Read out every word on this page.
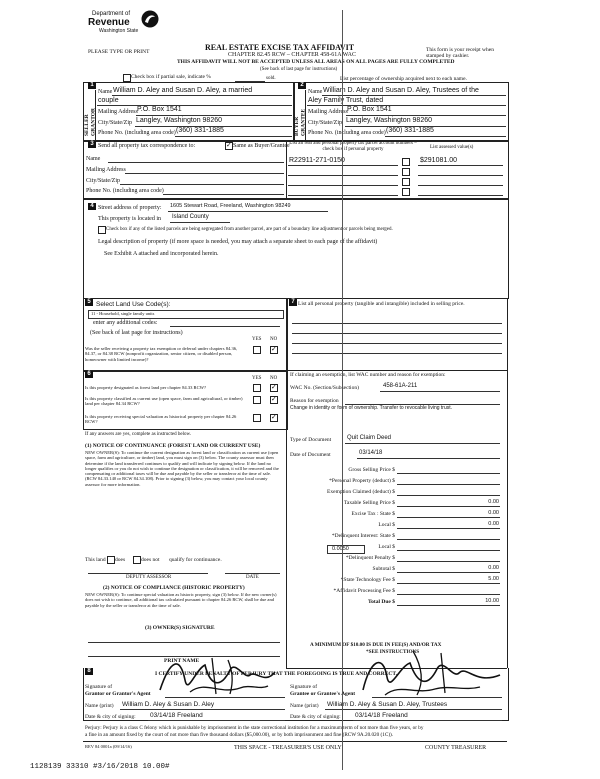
Department of
Revenue
Washington State
PLEASE TYPE OR PRINT	REAL ESTATE EXCISE TAX AFFIDAVIT
CHAPTER 82.45 RCW – CHAPTER 458-61A WAC
THIS AFFIDAVIT WILL NOT BE ACCEPTED UNLESS ALL AREAS ON ALL PAGES ARE FULLY COMPLETED
(See back of last page for instructions)
This form is your receipt when stamped by cashier.
Check box if partial sale, indicate %	sold.	List percentage of ownership acquired next to each name.
1
SELLER GRANTOR
Name William D. Aley and Susan D. Aley, a married
couple
Mailing Address P.O. Box 1541
City/State/Zip Langley, Washington 98260
Phone No. (including area code) (360) 331-1885
2
BUYER GRANTEE
Name William D. Aley and Susan D. Aley, Trustees of the
Aley Family Trust, dated
Mailing Address P.O. Box 1541
City/State/Zip Langley, Washington 98260
Phone No. (including area code) (360) 331-1885
3 Send all property tax correspondence to:
✓	Same as Buyer/Grantee List all real and personal property tax parcel account numbers – check box if personal property	List assessed value(s)
Name
Mailing Address
City/State/Zip
Phone No. (including area code)
R22911-271-0150	$291081.00
4 Street address of property: 1605 Stewart Road, Freeland, Washington 98249
This property is located in Island County
Check box if any of the listed parcels are being segregated from another parcel, are part of a boundary line adjustment or parcels being merged.
Legal description of property (if more space is needed, you may attach a separate sheet to each page of the affidavit)
See Exhibit A attached and incorporated herein.
5 Select Land Use Code(s):
11 - Household, single family units
enter any additional codes:
(See back of last page for instructions)
YES NO
Was the seller receiving a property tax exemption or deferral under chapters 84.36, 84.37, or 84.38 RCW (nonprofit organization, senior citizen, or disabled person, homeowner with limited income)?
✓
6
YES NO
Is this property designated as forest land per chapter 84.33 RCW?
✓
Is this property classified as current use (open space, farm and agricultural, or timber) land per chapter 84.34 RCW?
✓
Is this property receiving special valuation as historical property per chapter 84.26 RCW?
✓
If any answers are yes, complete as instructed below.
(1) NOTICE OF CONTINUANCE (FOREST LAND OR CURRENT USE)
NEW OWNER(S): To continue the current designation as forest land or classification as current use (open space, farm and agriculture, or timber) land, you must sign on (3) below. The county assessor must then determine if the land transferred continues to qualify and will indicate by signing below. If the land no longer qualifies or you do not wish to continue the designation or classification, it will be removed and the compensating or additional taxes will be due and payable by the seller or transferor at the time of sale. (RCW 84.33.140 or RCW 84.34.108). Prior to signing (3) below, you may contact your local county assessor for more information.
This land does	does not qualify for continuance.
DEPUTY ASSESSOR	DATE
(2) NOTICE OF COMPLIANCE (HISTORIC PROPERTY)
NEW OWNER(S): To continue special valuation as historic property, sign (3) below. If the new owner(s) does not wish to continue, all additional tax calculated pursuant to chapter 84.26 RCW, shall be due and payable by the seller or transferor at the time of sale.
(3) OWNER(S) SIGNATURE
PRINT NAME
7 List all personal property (tangible and intangible) included in selling price.
If claiming an exemption, list WAC number and reason for exemption:
WAC No. (Section/Subsection)	458-61A-211
Reason for exemption
Change in identity or form of ownership. Transfer to revocable living trust.
Type of Document	Quit Claim Deed
Date of Document	03/14/18
Gross Selling Price $
*Personal Property (deduct) $
Exemption Claimed (deduct) $
Taxable Selling Price $	0.00
Excise Tax : State $	0.00
Local $	0.00
*Delinquent Interest: State $
Local $
*Delinquent Penalty $
Subtotal $	0.00
*State Technology Fee $	5.00
*Affidavit Processing Fee $
Total Due $	10.00
0.0050
A MINIMUM OF $10.00 IS DUE IN FEE(S) AND/OR TAX
*SEE INSTRUCTIONS
8	I CERTIFY UNDER PENALTY OF PERJURY THAT THE FOREGOING IS TRUE AND CORRECT.
Signature of
Grantor or Grantor's Agent
Signature of
Grantee or Grantee's Agent
Name (print) William D. Aley & Susan D. Aley	Name (print) William D. Aley & Susan D. Aley, Trustees
Date & city of signing: 03/14/18 Freeland	Date & city of signing: 03/14/18 Freeland
Perjury: Perjury is a class C felony which is punishable by imprisonment in the state correctional institution for a maximum term of not more than five years, or by
a fine in an amount fixed by the court of not more than five thousand dollars ($5,000.00), or by both imprisonment and fine (RCW 9A.20.020 (1C)).
REV 84 0001a (09/14/16)	THIS SPACE - TREASURER'S USE ONLY	COUNTY TREASURER
1128139 33310 #3/16/2018 10.00#
